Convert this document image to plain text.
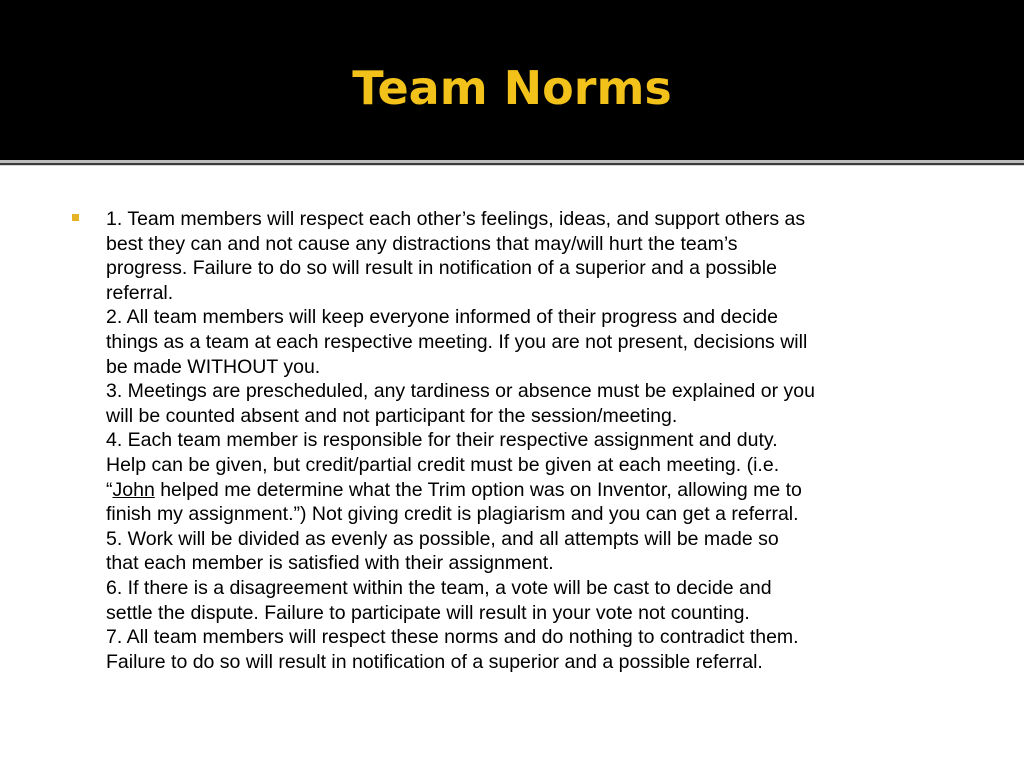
Team Norms
1. Team members will respect each other’s feelings, ideas, and support others as
best they can and not cause any distractions that may/will hurt the team’s
progress. Failure to do so will result in notification of a superior and a possible
referral.
2. All team members will keep everyone informed of their progress and decide
things as a team at each respective meeting. If you are not present, decisions will
be made WITHOUT you.
3. Meetings are prescheduled, any tardiness or absence must be explained or you
will be counted absent and not participant for the session/meeting.
4. Each team member is responsible for their respective assignment and duty.
Help can be given, but credit/partial credit must be given at each meeting. (i.e.
“John helped me determine what the Trim option was on Inventor, allowing me to
finish my assignment.”) Not giving credit is plagiarism and you can get a referral.
5. Work will be divided as evenly as possible, and all attempts will be made so
that each member is satisfied with their assignment.
6. If there is a disagreement within the team, a vote will be cast to decide and
settle the dispute. Failure to participate will result in your vote not counting.
7. All team members will respect these norms and do nothing to contradict them.
Failure to do so will result in notification of a superior and a possible referral.
